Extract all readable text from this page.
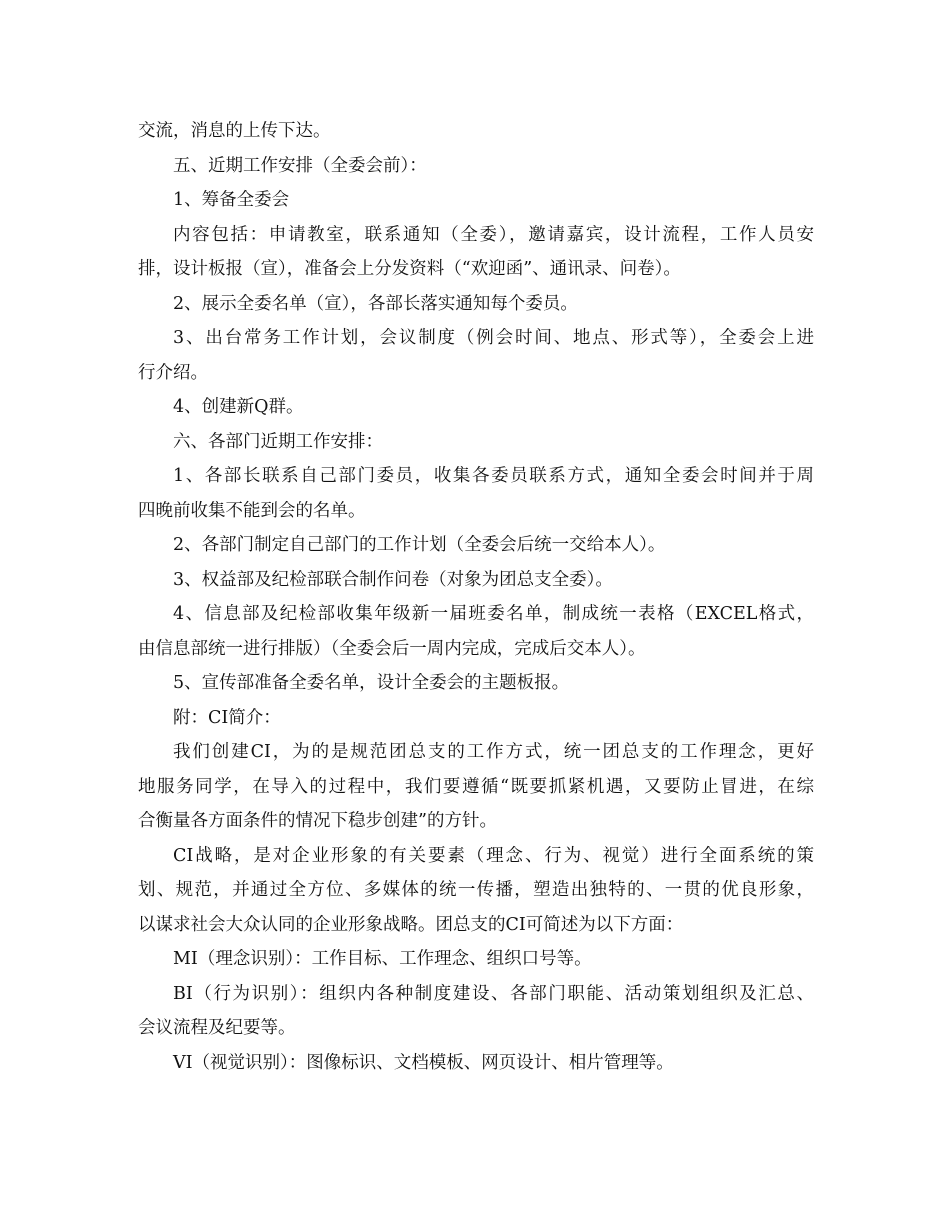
交流，消息的上传下达。
五、近期工作安排（全委会前）：
1、筹备全委会
内容包括：申请教室，联系通知（全委），邀请嘉宾，设计流程，工作人员安
排，设计板报（宣），准备会上分发资料（“欢迎函”、通讯录、问卷）。
2、展示全委名单（宣），各部长落实通知每个委员。
3、出台常务工作计划，会议制度（例会时间、地点、形式等），全委会上进
行介绍。
4、创建新Q群。
六、各部门近期工作安排：
1、各部长联系自己部门委员，收集各委员联系方式，通知全委会时间并于周
四晚前收集不能到会的名单。
2、各部门制定自己部门的工作计划（全委会后统一交给本人）。
3、权益部及纪检部联合制作问卷（对象为团总支全委）。
4、信息部及纪检部收集年级新一届班委名单，制成统一表格（EXCEL格式，
由信息部统一进行排版）（全委会后一周内完成，完成后交本人）。
5、宣传部准备全委名单，设计全委会的主题板报。
附：CI简介：
我们创建CI，为的是规范团总支的工作方式，统一团总支的工作理念，更好
地服务同学，在导入的过程中，我们要遵循“既要抓紧机遇，又要防止冒进，在综
合衡量各方面条件的情况下稳步创建”的方针。
CI战略，是对企业形象的有关要素（理念、行为、视觉）进行全面系统的策
划、规范，并通过全方位、多媒体的统一传播，塑造出独特的、一贯的优良形象，
以谋求社会大众认同的企业形象战略。团总支的CI可简述为以下方面：
MI（理念识别）：工作目标、工作理念、组织口号等。
BI（行为识别）：组织内各种制度建设、各部门职能、活动策划组织及汇总、
会议流程及纪要等。
VI（视觉识别）：图像标识、文档模板、网页设计、相片管理等。
